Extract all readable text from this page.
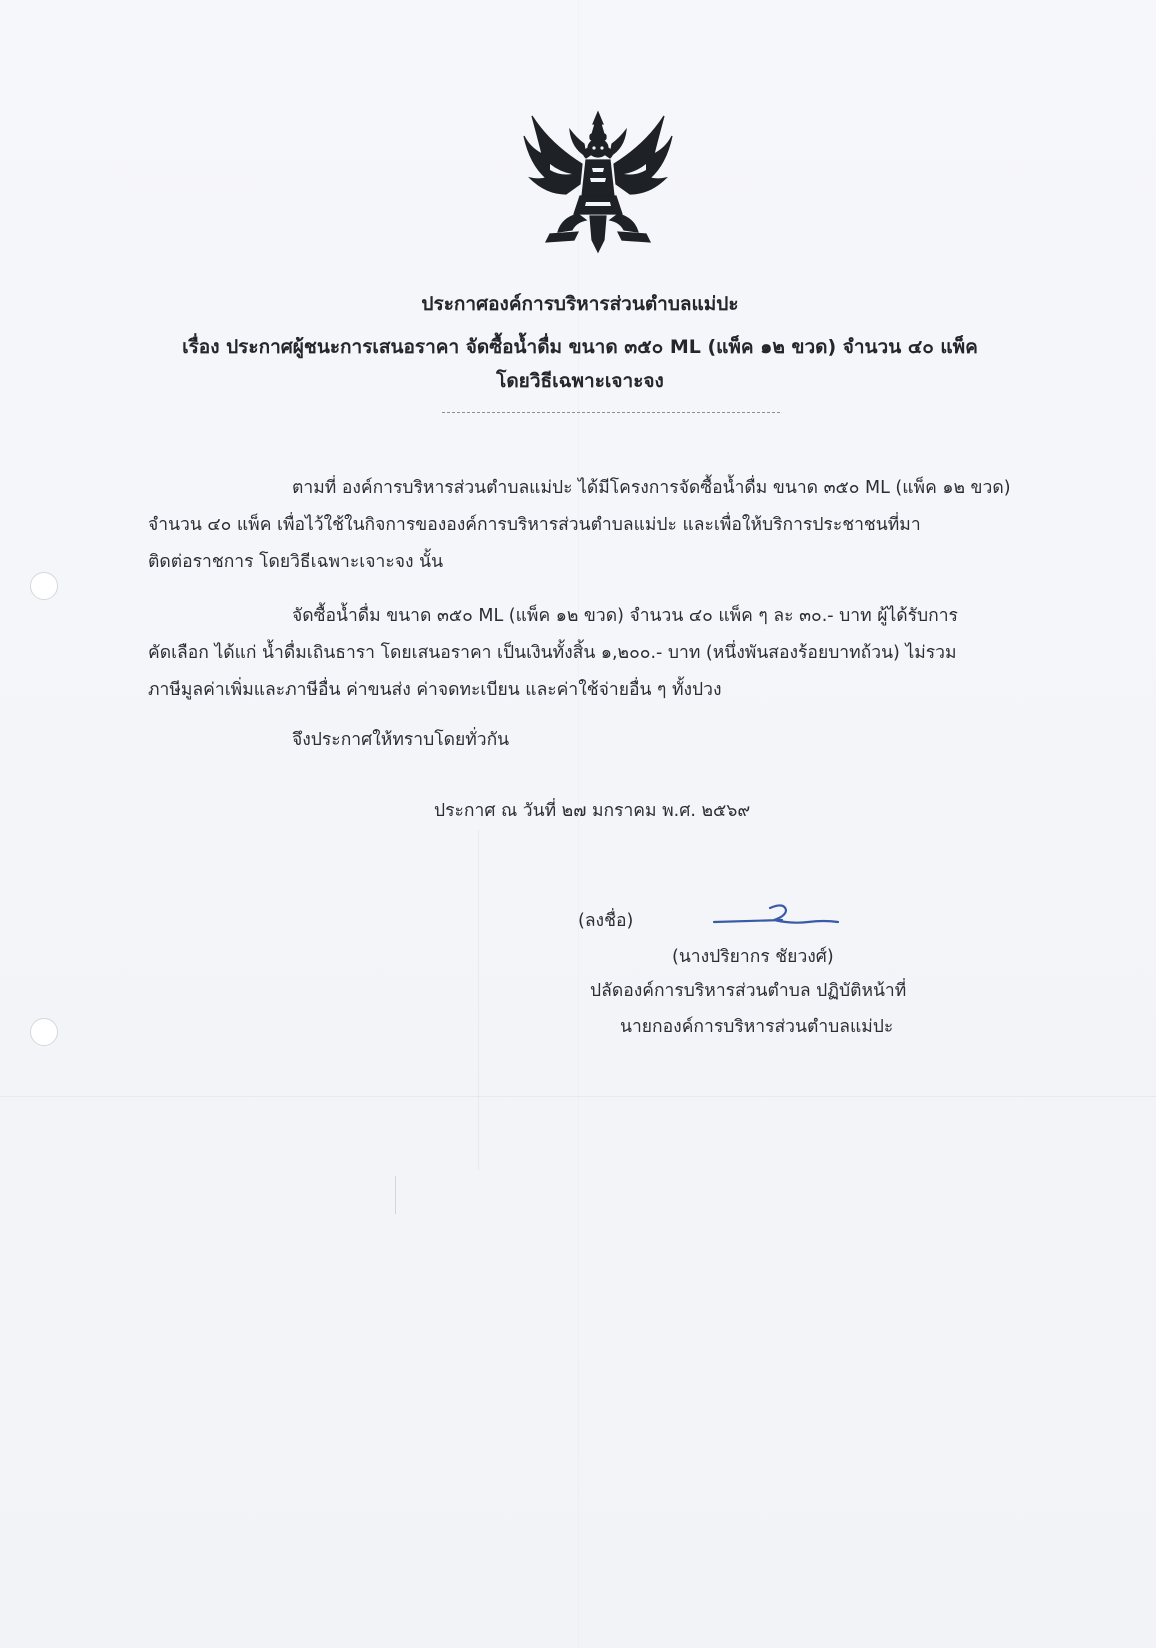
ประกาศองค์การบริหารส่วนตำบลแม่ปะ
เรื่อง ประกาศผู้ชนะการเสนอราคา จัดซื้อน้ำดื่ม ขนาด ๓๕๐ ML (แพ็ค ๑๒ ขวด) จำนวน ๔๐ แพ็ค
โดยวิธีเฉพาะเจาะจง
ตามที่ องค์การบริหารส่วนตำบลแม่ปะ ได้มีโครงการจัดซื้อน้ำดื่ม ขนาด ๓๕๐ ML (แพ็ค ๑๒ ขวด)
จำนวน ๔๐ แพ็ค เพื่อไว้ใช้ในกิจการขององค์การบริหารส่วนตำบลแม่ปะ และเพื่อให้บริการประชาชนที่มา
ติดต่อราชการ โดยวิธีเฉพาะเจาะจง นั้น
จัดซื้อน้ำดื่ม ขนาด ๓๕๐ ML (แพ็ค ๑๒ ขวด) จำนวน ๔๐ แพ็ค ๆ ละ ๓๐.- บาท ผู้ได้รับการ
คัดเลือก ได้แก่ น้ำดื่มเถินธารา โดยเสนอราคา เป็นเงินทั้งสิ้น ๑,๒๐๐.- บาท (หนึ่งพันสองร้อยบาทถ้วน) ไม่รวม
ภาษีมูลค่าเพิ่มและภาษีอื่น ค่าขนส่ง ค่าจดทะเบียน และค่าใช้จ่ายอื่น ๆ ทั้งปวง
จึงประกาศให้ทราบโดยทั่วกัน
ประกาศ ณ วันที่ ๒๗ มกราคม พ.ศ. ๒๕๖๙
(ลงชื่อ)
(นางปริยากร ชัยวงศ์)
ปลัดองค์การบริหารส่วนตำบล ปฏิบัติหน้าที่
นายกองค์การบริหารส่วนตำบลแม่ปะ
